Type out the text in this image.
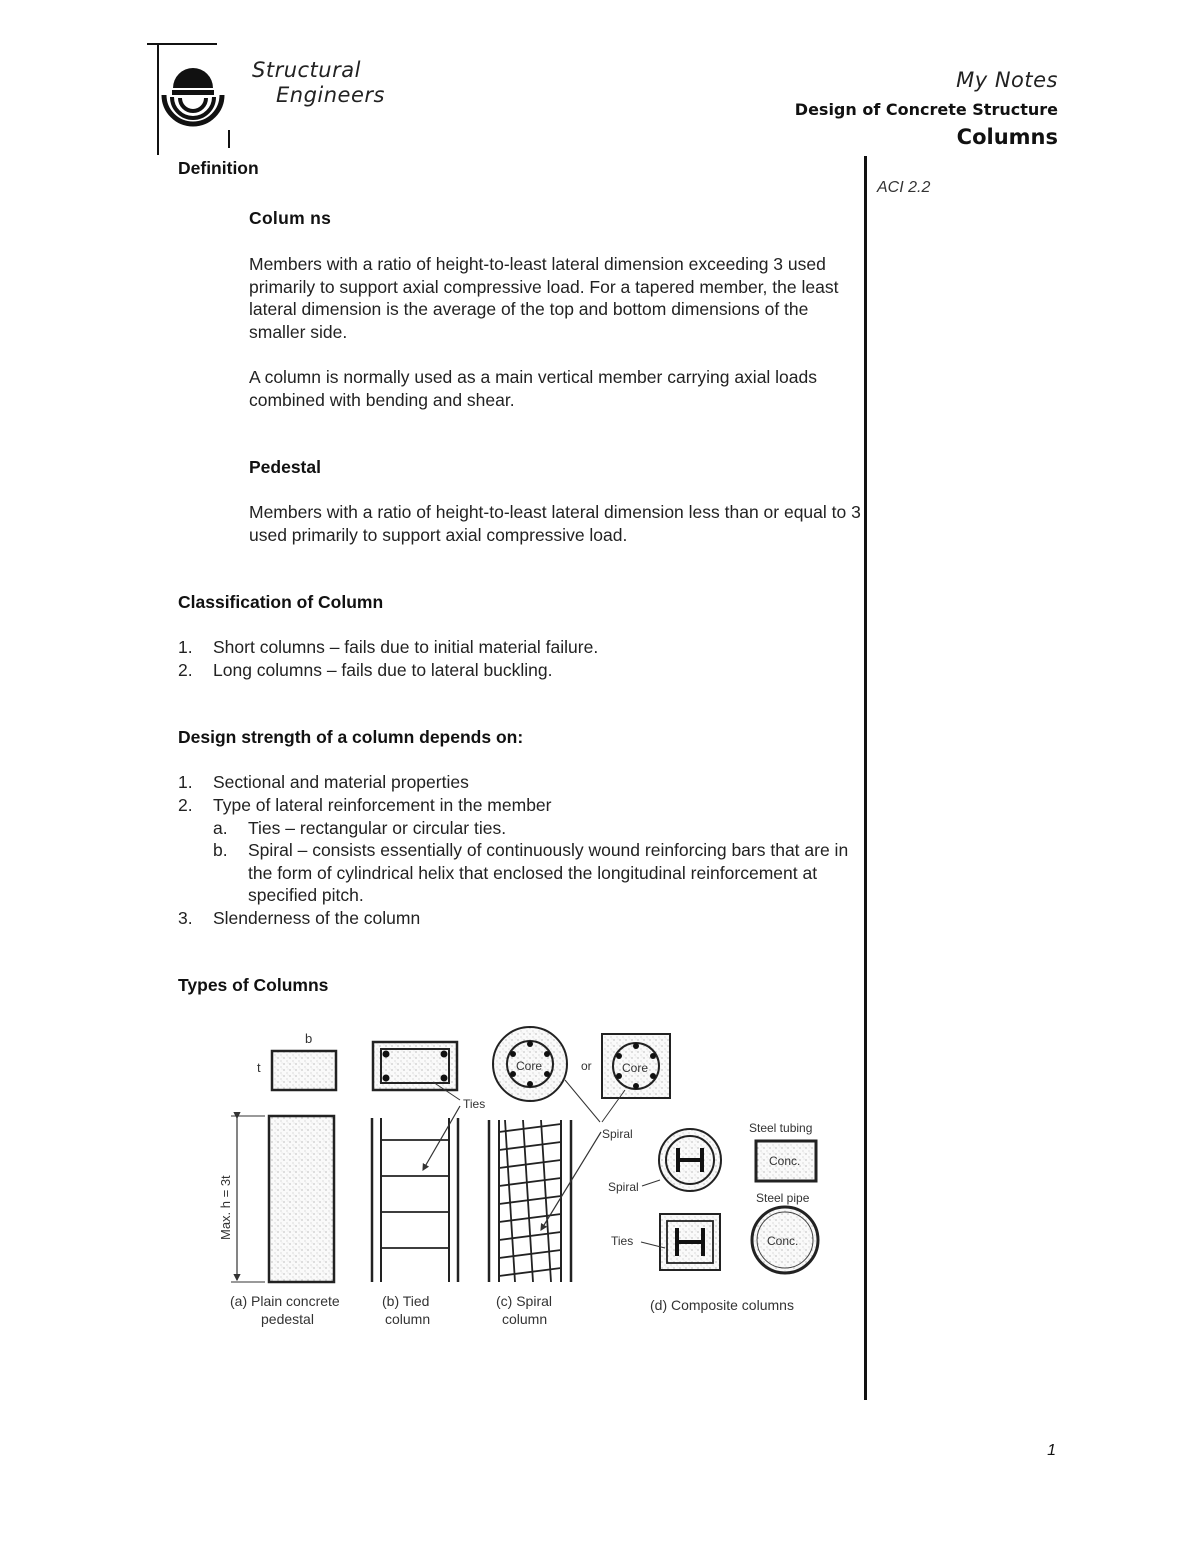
Structural
Engineers
My Notes
Design of Concrete Structure
Columns
ACI 2.2
Definition
Colum ns

Members with a ratio of height-to-least lateral dimension exceeding 3 used primarily to support axial compressive load. For a tapered member, the least lateral dimension is the average of the top and bottom dimensions of the smaller side.

A column is normally used as a main vertical member carrying axial loads combined with bending and shear.

Pedestal

Members with a ratio of height-to-least lateral dimension less than or equal to 3 used primarily to support axial compressive load.

Classification of Column
1. Short columns – fails due to initial material failure.
2. Long columns – fails due to lateral buckling.
Design strength of a column depends on:
1. Sectional and material properties
2. Type of lateral reinforcement in the member
a. Ties – rectangular or circular ties.
b. Spiral – consists essentially of continuously wound reinforcing bars that are in the form of cylindrical helix that enclosed the longitudinal reinforcement at specified pitch.
3. Slenderness of the column
Types of Columns
b
t
Max. h = 3t
Ties
Core	or	Core
Spiral
Spiral
Ties
Steel tubing
Conc.
Steel pipe
Conc.
(a) Plain concrete
pedestal
(b) Tied
column
(c) Spiral
column
(d) Composite columns
1
